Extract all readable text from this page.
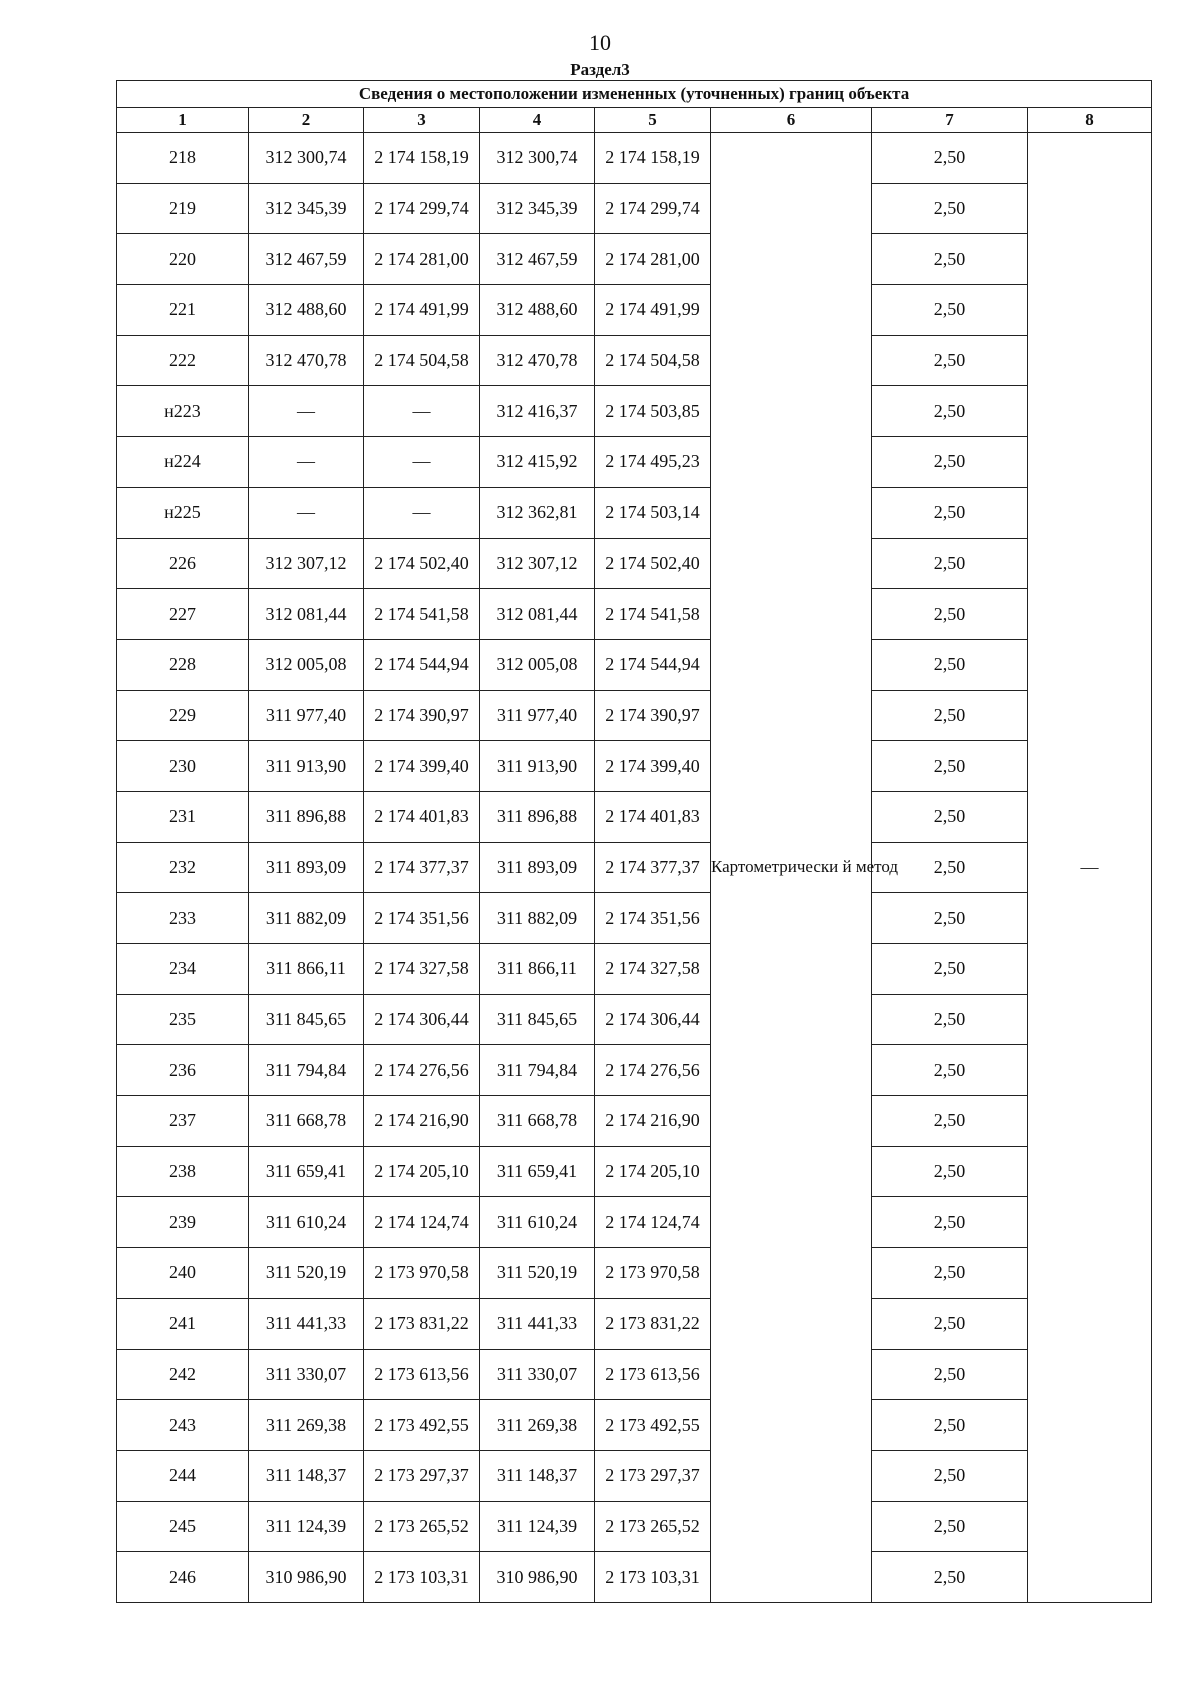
10
Раздел3
Сведения о местоположении измененных (уточненных) границ объекта							
1	2	3	4	5	6	7	8
218	312 300,74	2 174 158,19	312 300,74	2 174 158,19	Картометрически й метод	2,50	—
219	312 345,39	2 174 299,74	312 345,39	2 174 299,74		2,50	
220	312 467,59	2 174 281,00	312 467,59	2 174 281,00		2,50	
221	312 488,60	2 174 491,99	312 488,60	2 174 491,99		2,50	
222	312 470,78	2 174 504,58	312 470,78	2 174 504,58		2,50	
н223	—	—	312 416,37	2 174 503,85		2,50	
н224	—	—	312 415,92	2 174 495,23		2,50	
н225	—	—	312 362,81	2 174 503,14		2,50	
226	312 307,12	2 174 502,40	312 307,12	2 174 502,40		2,50	
227	312 081,44	2 174 541,58	312 081,44	2 174 541,58		2,50	
228	312 005,08	2 174 544,94	312 005,08	2 174 544,94		2,50	
229	311 977,40	2 174 390,97	311 977,40	2 174 390,97		2,50	
230	311 913,90	2 174 399,40	311 913,90	2 174 399,40		2,50	
231	311 896,88	2 174 401,83	311 896,88	2 174 401,83		2,50	
232	311 893,09	2 174 377,37	311 893,09	2 174 377,37		2,50	
233	311 882,09	2 174 351,56	311 882,09	2 174 351,56		2,50	
234	311 866,11	2 174 327,58	311 866,11	2 174 327,58		2,50	
235	311 845,65	2 174 306,44	311 845,65	2 174 306,44		2,50	
236	311 794,84	2 174 276,56	311 794,84	2 174 276,56		2,50	
237	311 668,78	2 174 216,90	311 668,78	2 174 216,90		2,50	
238	311 659,41	2 174 205,10	311 659,41	2 174 205,10		2,50	
239	311 610,24	2 174 124,74	311 610,24	2 174 124,74		2,50	
240	311 520,19	2 173 970,58	311 520,19	2 173 970,58		2,50	
241	311 441,33	2 173 831,22	311 441,33	2 173 831,22		2,50	
242	311 330,07	2 173 613,56	311 330,07	2 173 613,56		2,50	
243	311 269,38	2 173 492,55	311 269,38	2 173 492,55		2,50	
244	311 148,37	2 173 297,37	311 148,37	2 173 297,37		2,50	
245	311 124,39	2 173 265,52	311 124,39	2 173 265,52		2,50	
246	310 986,90	2 173 103,31	310 986,90	2 173 103,31		2,50	
